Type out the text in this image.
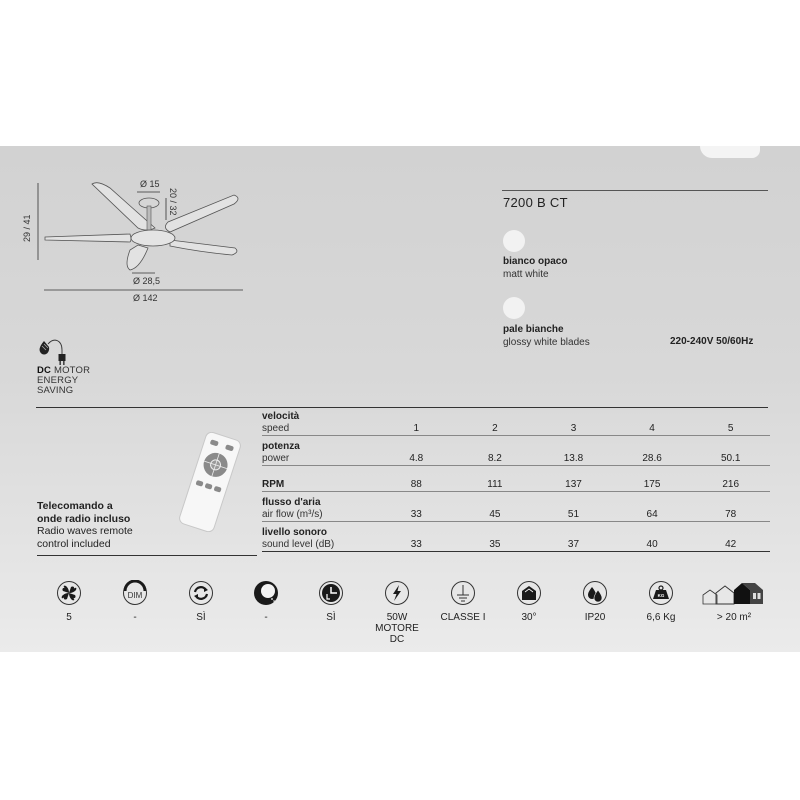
Ø 15
20 / 32
29 / 41
Ø 28,5
Ø 142
7200 B CT
bianco opaco
matt white
pale bianche
glossy white blades	220-240V 50/60Hz
DC MOTOR
ENERGY
SAVING
Telecomando a
onde radio incluso
Radio waves remote
control included
velocità
speed	1	2	3	4	5
potenza
power	4.8	8.2	13.8	28.6	50.1
RPM	88	111	137	175	216
flusso d'aria
air flow (m³/s)	33	45	51	64	78
livello sonoro
sound level (dB)	33	35	37	40	42
5
DIM
-	SÌ	-	SÌ	50W MOTORE DC
CLASSE I	30°	IP20
KG
6,6 Kg	> 20 m²
